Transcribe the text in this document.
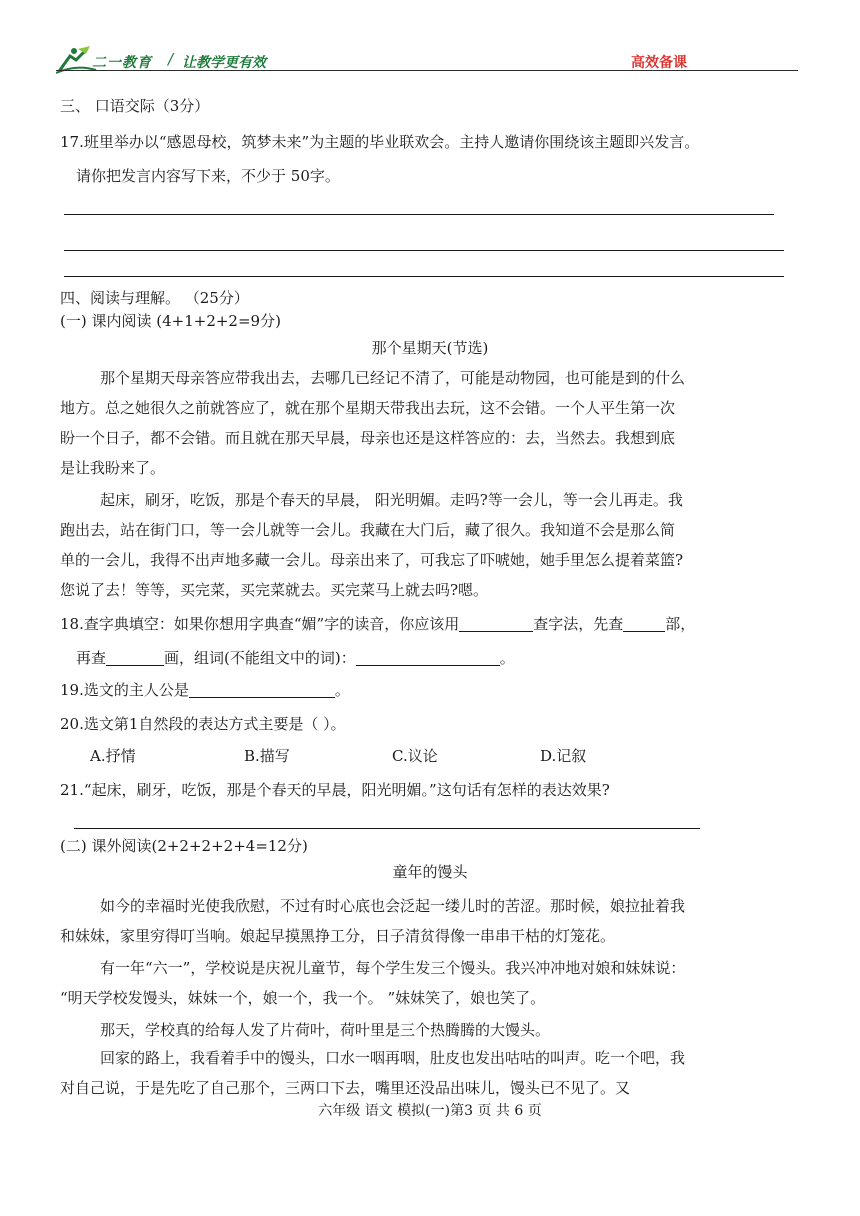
二一教育 / 让教学更有效	高效备课
三、 口语交际（3分）
17.班里举办以“感恩母校，筑梦未来”为主题的毕业联欢会。主持人邀请你围绕该主题即兴发言。
请你把发言内容写下来，不少于 50字。
四、阅读与理解。 （25分）
(一) 课内阅读 (4+1+2+2=9分)
那个星期天(节选)
那个星期天母亲答应带我出去，去哪几已经记不清了，可能是动物园，也可能是到的什么
地方。总之她很久之前就答应了，就在那个星期天带我出去玩，这不会错。一个人平生第一次
盼一个日子，都不会错。而且就在那天早晨，母亲也还是这样答应的：去，当然去。我想到底
是让我盼来了。
起床，刷牙，吃饭，那是个春天的早晨， 阳光明媚。走吗?等一会儿，等一会儿再走。我
跑出去，站在街门口，等一会儿就等一会儿。我藏在大门后，藏了很久。我知道不会是那么简
单的一会儿，我得不出声地多藏一会儿。母亲出来了，可我忘了吓唬她，她手里怎么提着菜篮?
您说了去！等等，买完菜，买完菜就去。买完菜马上就去吗?嗯。
18.查字典填空：如果你想用字典查“媚”字的读音，你应该用	查字法，先查	部，
再查	画，组词(不能组文中的词)：	。
19.选文的主人公是	。
20.选文第1自然段的表达方式主要是（ ）。
A.抒情	B.描写	C.议论	D.记叙
21.“起床，刷牙，吃饭，那是个春天的早晨，阳光明媚。”这句话有怎样的表达效果?
(二) 课外阅读(2+2+2+2+4=12分)
童年的馒头
如今的幸福时光使我欣慰，不过有时心底也会泛起一缕儿时的苦涩。那时候，娘拉扯着我
和妹妹，家里穷得叮当响。娘起早摸黑挣工分，日子清贫得像一串串干枯的灯笼花。
有一年“六一”，学校说是庆祝儿童节，每个学生发三个馒头。我兴冲冲地对娘和妹妹说：
“明天学校发馒头，妹妹一个，娘一个，我一个。 ”妹妹笑了，娘也笑了。
那天，学校真的给每人发了片荷叶，荷叶里是三个热腾腾的大馒头。
回家的路上，我看着手中的馒头，口水一咽再咽，肚皮也发出咕咕的叫声。吃一个吧，我
对自己说，于是先吃了自己那个，三两口下去，嘴里还没品出味儿，馒头已不见了。又
六年级 语文 模拟(一)第3 页 共 6 页
